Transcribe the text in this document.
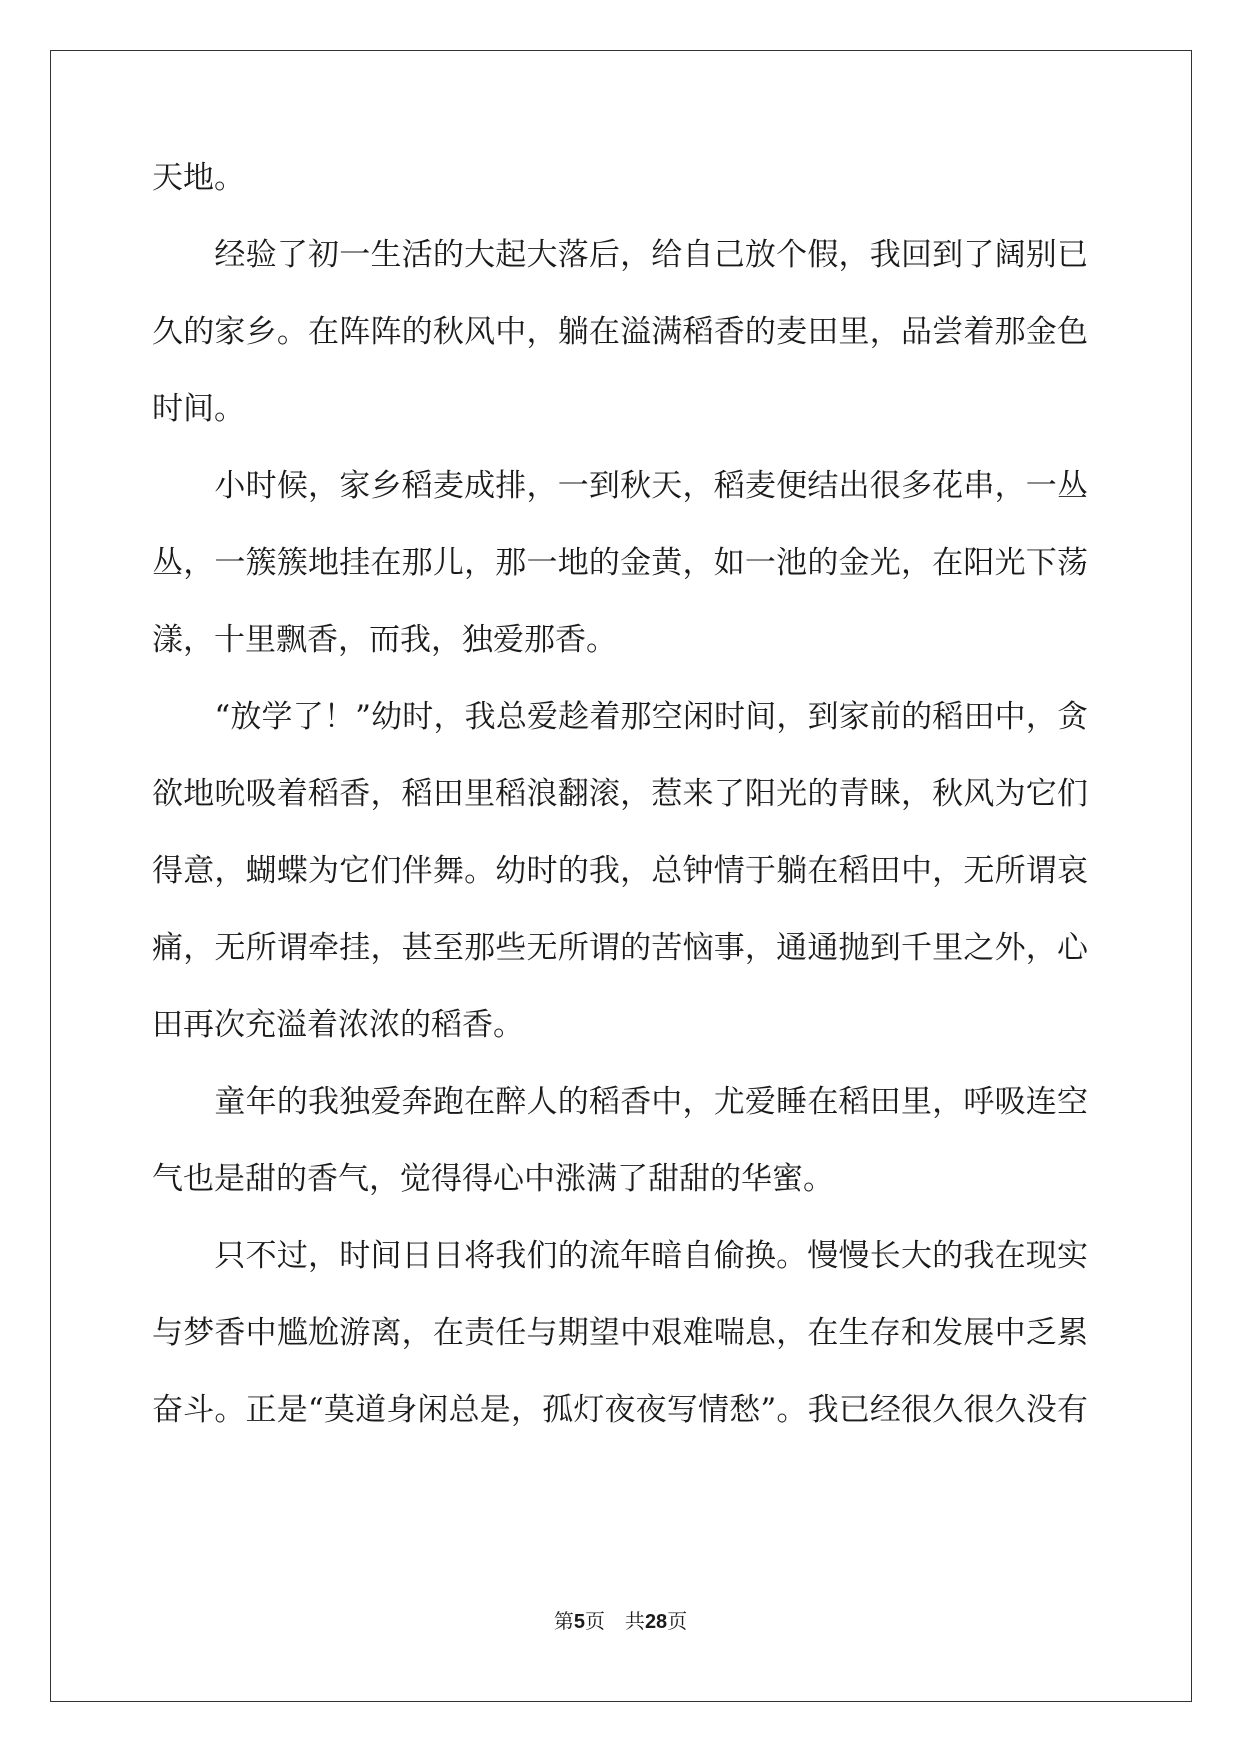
天地。
　　经验了初一生活的大起大落后，给自己放个假，我回到了阔别已
久的家乡。在阵阵的秋风中，躺在溢满稻香的麦田里，品尝着那金色
时间。
　　小时候，家乡稻麦成排，一到秋天，稻麦便结出很多花串，一丛
丛，一簇簇地挂在那儿，那一地的金黄，如一池的金光，在阳光下荡
漾，十里飘香，而我，独爱那香。
　　“放学了！”幼时，我总爱趁着那空闲时间，到家前的稻田中，贪
欲地吮吸着稻香，稻田里稻浪翻滚，惹来了阳光的青睐，秋风为它们
得意，蝴蝶为它们伴舞。幼时的我，总钟情于躺在稻田中，无所谓哀
痛，无所谓牵挂，甚至那些无所谓的苦恼事，通通抛到千里之外，心
田再次充溢着浓浓的稻香。
　　童年的我独爱奔跑在醉人的稻香中，尤爱睡在稻田里，呼吸连空
气也是甜的香气，觉得得心中涨满了甜甜的华蜜。
　　只不过，时间日日将我们的流年暗自偷换。慢慢长大的我在现实
与梦香中尴尬游离，在责任与期望中艰难喘息，在生存和发展中乏累
奋斗。正是“莫道身闲总是，孤灯夜夜写情愁”。我已经很久很久没有
第5页　共28页
